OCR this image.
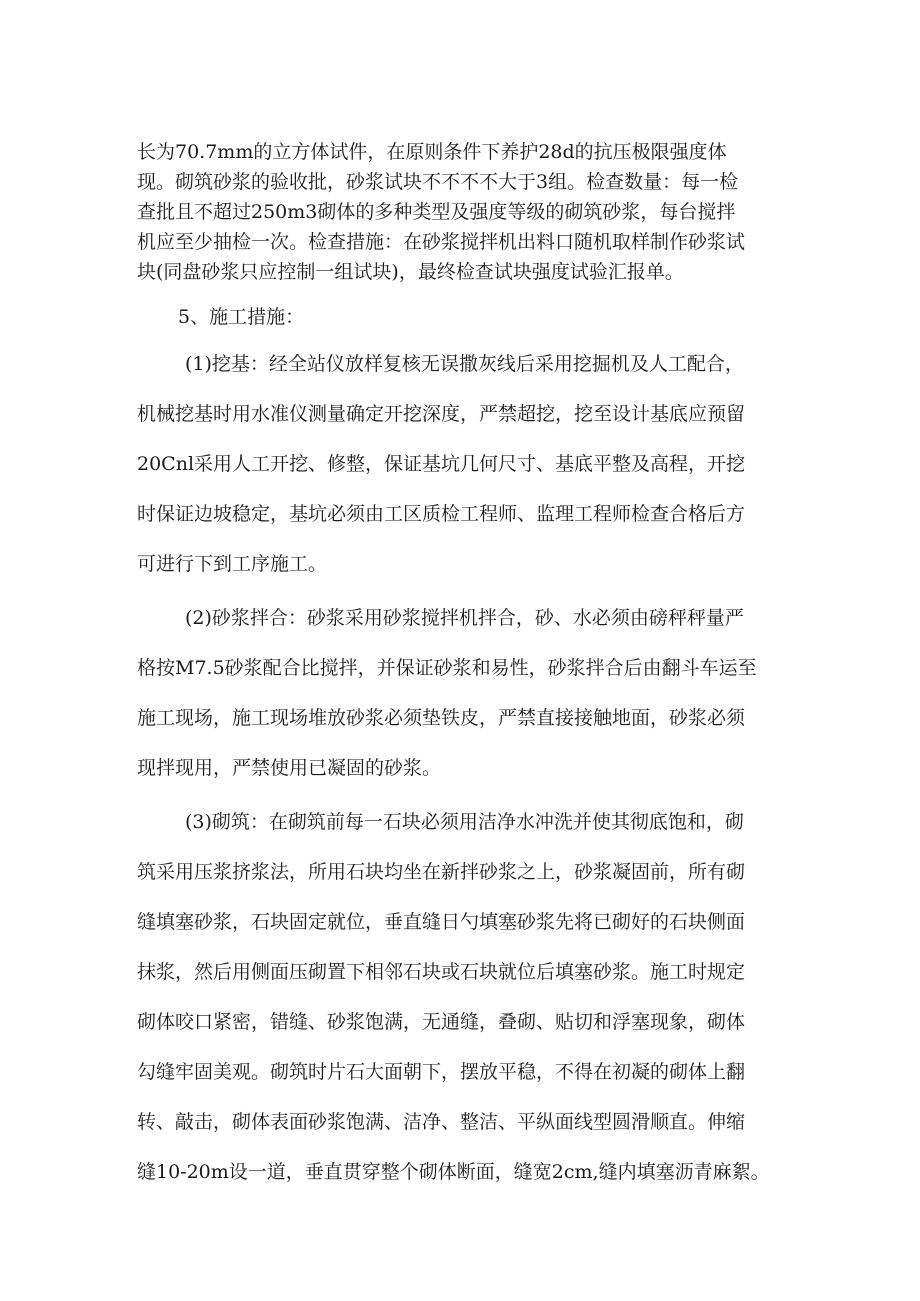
长为70.7mm的立方体试件，在原则条件下养护28d的抗压极限强度体
现。砌筑砂浆的验收批，砂浆试块不不不不大于3组。检查数量：每一检
查批且不超过250m3砌体的多种类型及强度等级的砌筑砂浆，每台搅拌
机应至少抽检一次。检查措施：在砂浆搅拌机出料口随机取样制作砂浆试
块(同盘砂浆只应控制一组试块)，最终检查试块强度试验汇报单。
5、施工措施：
(1)挖基：经全站仪放样复核无误撒灰线后采用挖掘机及人工配合，
机械挖基时用水准仪测量确定开挖深度，严禁超挖，挖至设计基底应预留
20Cnl采用人工开挖、修整，保证基坑几何尺寸、基底平整及高程，开挖
时保证边坡稳定，基坑必须由工区质检工程师、监理工程师检查合格后方
可进行下到工序施工。
(2)砂浆拌合：砂浆采用砂浆搅拌机拌合，砂、水必须由磅秤秤量严
格按M7.5砂浆配合比搅拌，并保证砂浆和易性，砂浆拌合后由翻斗车运至
施工现场，施工现场堆放砂浆必须垫铁皮，严禁直接接触地面，砂浆必须
现拌现用，严禁使用已凝固的砂浆。
(3)砌筑：在砌筑前每一石块必须用洁净水冲洗并使其彻底饱和，砌
筑采用压浆挤浆法，所用石块均坐在新拌砂浆之上，砂浆凝固前，所有砌
缝填塞砂浆，石块固定就位，垂直缝日勺填塞砂浆先将已砌好的石块侧面
抹浆，然后用侧面压砌置下相邻石块或石块就位后填塞砂浆。施工时规定
砌体咬口紧密，错缝、砂浆饱满，无通缝，叠砌、贴切和浮塞现象，砌体
勾缝牢固美观。砌筑时片石大面朝下，摆放平稳，不得在初凝的砌体上翻
转、敲击，砌体表面砂浆饱满、洁净、整洁、平纵面线型圆滑顺直。伸缩
缝10-20m设一道，垂直贯穿整个砌体断面，缝宽2cm,缝内填塞沥青麻絮。
